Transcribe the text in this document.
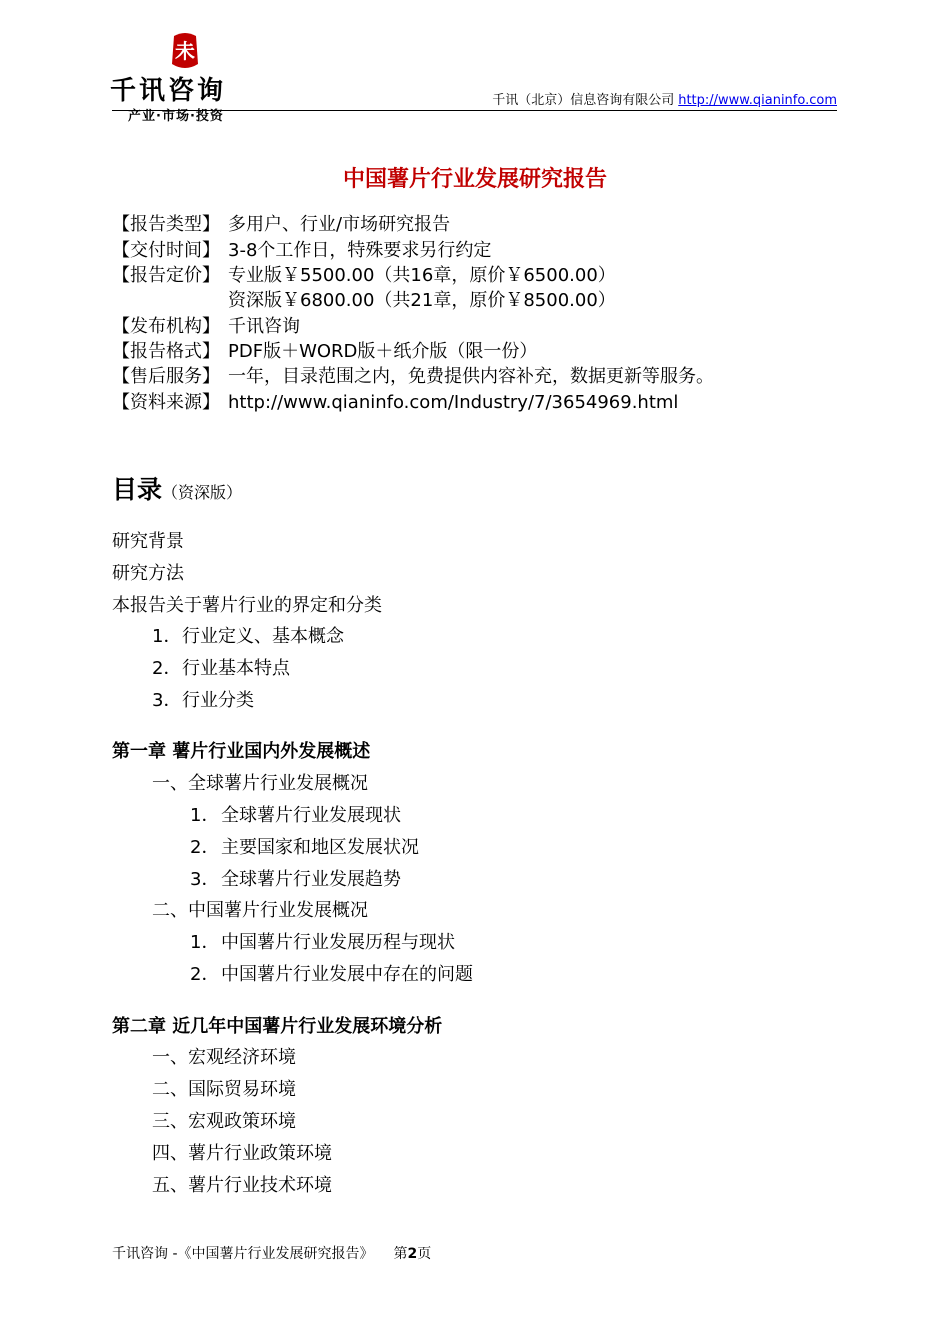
未
千讯咨询
产业·市场·投资
千讯（北京）信息咨询有限公司 http://www.qianinfo.com
中国薯片行业发展研究报告
【报告类型】 多用户、行业/市场研究报告
【交付时间】 3-8个工作日，特殊要求另行约定
【报告定价】 专业版￥5500.00（共16章，原价￥6500.00）
资深版￥6800.00（共21章，原价￥8500.00）
【发布机构】 千讯咨询
【报告格式】 PDF版＋WORD版＋纸介版（限一份）
【售后服务】 一年，目录范围之内，免费提供内容补充，数据更新等服务。
【资料来源】 http://www.qianinfo.com/Industry/7/3654969.html
目录（资深版）
研究背景
研究方法
本报告关于薯片行业的界定和分类
1．行业定义、基本概念
2．行业基本特点
3．行业分类
第一章 薯片行业国内外发展概述
一、全球薯片行业发展概况
1．全球薯片行业发展现状
2．主要国家和地区发展状况
3．全球薯片行业发展趋势
二、中国薯片行业发展概况
1．中国薯片行业发展历程与现状
2．中国薯片行业发展中存在的问题
第二章 近几年中国薯片行业发展环境分析
一、宏观经济环境
二、国际贸易环境
三、宏观政策环境
四、薯片行业政策环境
五、薯片行业技术环境
千讯咨询 -《中国薯片行业发展研究报告》 第2页
